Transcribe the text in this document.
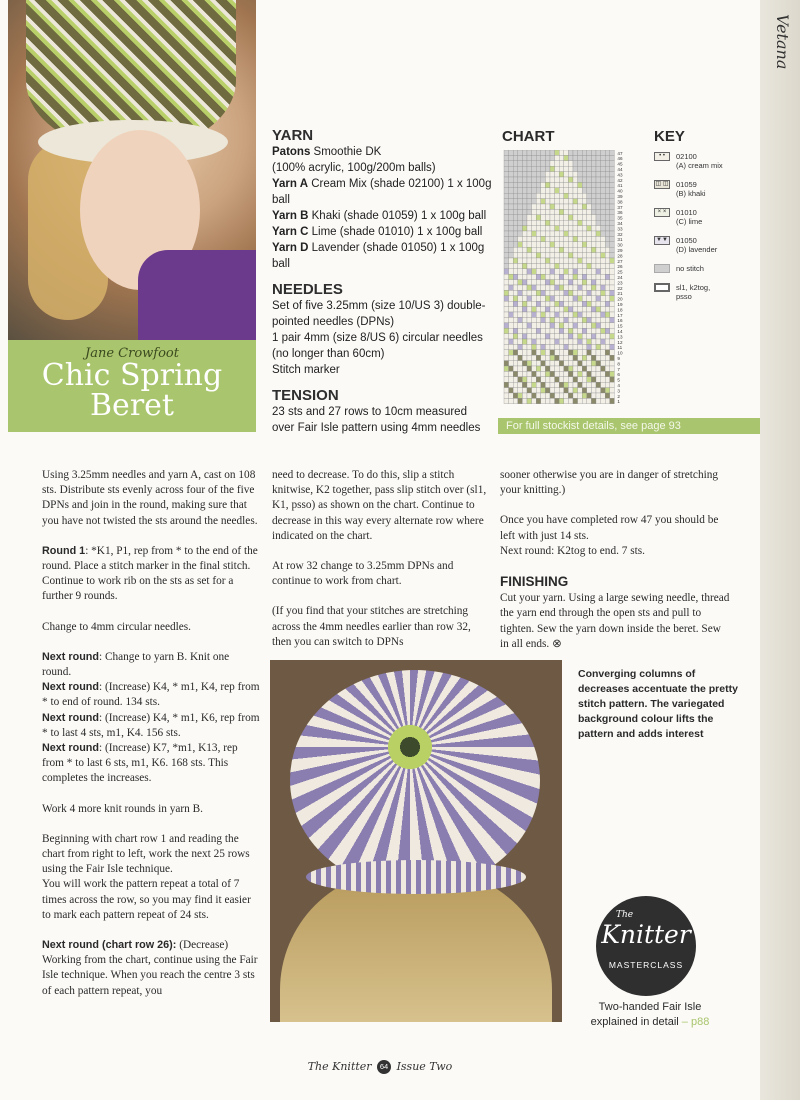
Jane Crowfoot
Chic Spring
Beret
YARN
Patons Smoothie DK
(100% acrylic, 100g/200m balls)
Yarn A Cream Mix (shade 02100) 1 x 100g ball
Yarn B Khaki (shade 01059) 1 x 100g ball
Yarn C Lime (shade 01010) 1 x 100g ball
Yarn D Lavender (shade 01050) 1 x 100g ball
NEEDLES
Set of five 3.25mm (size 10/US 3) double-pointed needles (DPNs)
1 pair 4mm (size 8/US 6) circular needles (no longer than 60cm)
Stitch marker
TENSION
23 sts and 27 rows to 10cm measured over Fair Isle pattern using 4mm needles
CHART
47
46
45
44
43
42
41
40
39
38
37
36
35
34
33
32
31
30
29
28
27
26
25
24
23
22
21
20
19
18
17
16
15
14
13
12
11
10
9
8
7
6
5
4
3
2
1
KEY
• •	02100
(A) cream mix
◫ ◫ 01059
(B) khaki
× ×	01010
(C) lime
▼▼ 01050
(D) lavender
no stitch
sl1, k2tog,
psso
For full stockist details, see page 93

Using 3.25mm needles and yarn A, cast on 108 sts. Distribute sts evenly across four of the five DPNs and join in the round, making sure that you have not twisted the sts around the needles.

Round 1: *K1, P1, rep from * to the end of the round. Place a stitch marker in the final stitch.

Continue to work rib on the sts as set for a further 9 rounds.

Change to 4mm circular needles.

Next round: Change to yarn B. Knit one round.
Next round: (Increase) K4, * m1, K4, rep from * to end of round. 134 sts.
Next round: (Increase) K4, * m1, K6, rep from * to last 4 sts, m1, K4. 156 sts.

Next round: (Increase) K7, *m1, K13, rep from * to last 6 sts, m1, K6. 168 sts. This completes the increases.

Work 4 more knit rounds in yarn B.

Beginning with chart row 1 and reading the chart from right to left, work the next 25 rows using the Fair Isle technique.

You will work the pattern repeat a total of 7 times across the row, so you may find it easier to mark each pattern repeat of 24 sts.

Next round (chart row 26): (Decrease) Working from the chart, continue using the Fair Isle technique. When you reach the centre 3 sts of each pattern repeat, you

need to decrease. To do this, slip a stitch knitwise, K2 together, pass slip stitch over (sl1, K1, psso) as shown on the chart. Continue to decrease in this way every alternate row where indicated on the chart.

At row 32 change to 3.25mm DPNs and continue to work from chart.

(If you find that your stitches are stretching across the 4mm needles earlier than row 32, then you can switch to DPNs

sooner otherwise you are in danger of stretching your knitting.)

Once you have completed row 47 you should be left with just 14 sts.

Next round: K2tog to end. 7 sts.

FINISHING
Cut your yarn. Using a large sewing needle, thread the yarn end through the open sts and pull to tighten. Sew the yarn down inside the beret. Sew in all ends. ⊗
Converging columns of decreases accentuate the pretty stitch pattern. The variegated background colour lifts the pattern and adds interest
The
Knitter
MASTERCLASS
Two-handed Fair Isle explained in detail – p88
The Knitter 64 Issue Two
Vetana
